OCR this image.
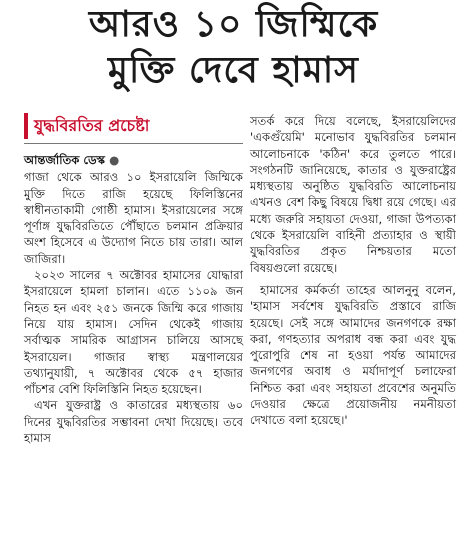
আরও ১০ জিম্মিকে
মুক্তি দেবে হামাস
যুদ্ধবিরতির প্রচেষ্টা
আন্তর্জাতিক ডেস্ক ●

গাজা থেকে আরও ১০ ইসরায়েলি জিম্মিকে মুক্তি দিতে রাজি হয়েছে ফিলিস্তিনের স্বাধীনতাকামী গোষ্ঠী হামাস। ইসরায়েলের সঙ্গে পূর্ণাঙ্গ যুদ্ধবিরতিতে পৌঁছাতে চলমান প্রক্রিয়ার অংশ হিসেবে এ উদ্যোগ নিতে চায় তারা। আল জাজিরা।

২০২৩ সালের ৭ অক্টোবর হামাসের যোদ্ধারা ইসরায়েলে হামলা চালান। এতে ১১০৯ জন নিহত হন এবং ২৫১ জনকে জিম্মি করে গাজায় নিয়ে যায় হামাস। সেদিন থেকেই গাজায় সর্বাত্মক সামরিক আগ্রাসন চালিয়ে আসছে ইসরায়েল। গাজার স্বাস্থ্য মন্ত্রণালয়ের তথ্যানুযায়ী, ৭ অক্টোবর থেকে ৫৭ হাজার পাঁচশর বেশি ফিলিস্তিনি নিহত হয়েছেন।

এখন যুক্তরাষ্ট্র ও কাতারের মধ্যস্থতায় ৬০ দিনের যুদ্ধবিরতির সম্ভাবনা দেখা দিয়েছে। তবে হামাস

সতর্ক করে দিয়ে বলেছে, ইসরায়েলিদের 'একগুঁয়েমি' মনোভাব যুদ্ধবিরতির চলমান আলোচনাকে 'কঠিন' করে তুলতে পারে। সংগঠনটি জানিয়েছে, কাতার ও যুক্তরাষ্ট্রের মধ্যস্থতায় অনুষ্ঠিত যুদ্ধবিরতি আলোচনায় এখনও বেশ কিছু বিষয়ে দ্বিধা রয়ে গেছে। এর মধ্যে জরুরি সহায়তা দেওয়া, গাজা উপত্যকা থেকে ইসরায়েলি বাহিনী প্রত্যাহার ও স্থায়ী যুদ্ধবিরতির প্রকৃত নিশ্চয়তার মতো বিষয়গুলো রয়েছে।

হামাসের কর্মকর্তা তাহের আলনুনু বলেন, 'হামাস সর্বশেষ যুদ্ধবিরতি প্রস্তাবে রাজি হয়েছে। সেই সঙ্গে আমাদের জনগণকে রক্ষা করা, গণহত্যার অপরাধ বন্ধ করা এবং যুদ্ধ পুরোপুরি শেষ না হওয়া পর্যন্ত আমাদের জনগণের অবাধ ও মর্যাদাপূর্ণ চলাফেরা নিশ্চিত করা এবং সহায়তা প্রবেশের অনুমতি দেওয়ার ক্ষেত্রে প্রয়োজনীয় নমনীয়তা দেখাতে বলা হয়েছে।'
